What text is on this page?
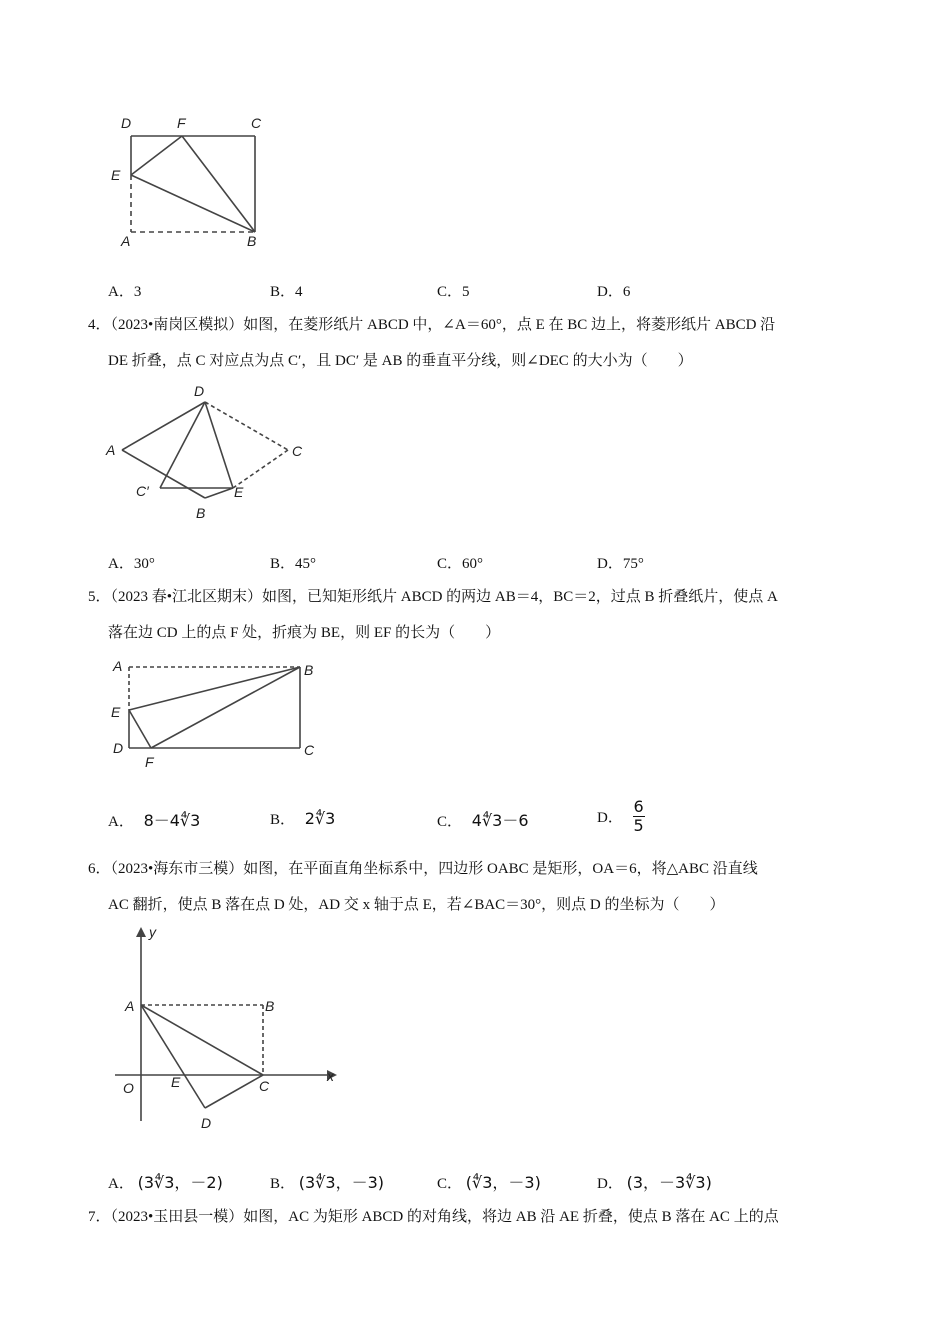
D	F	C
E
A	B
A．3	B．4	C．5	D．6
4．（2023•南岗区模拟）如图，在菱形纸片 ABCD 中，∠A＝60°，点 E 在 BC 边上，将菱形纸片 ABCD 沿
DE 折叠，点 C 对应点为点 C′，且 DC′ 是 AB 的垂直平分线，则∠DEC 的大小为（　　）
D
A	C
C′	E
B
A．30°	B．45°	C．60°	D．75°
5．（2023 春•江北区期末）如图，已知矩形纸片 ABCD 的两边 AB＝4，BC＝2，过点 B 折叠纸片，使点 A
落在边 CD 上的点 F 处，折痕为 BE，则 EF 的长为（　　）
A	B
E
D	C
F
A． 8－4∜3	B． 2∜3	C． 4∜3－6	D． $\frac{6}{5}$
6．（2023•海东市三模）如图，在平面直角坐标系中，四边形 OABC 是矩形，OA＝6，将△ABC 沿直线
AC 翻折，使点 B 落在点 D 处，AD 交 x 轴于点 E，若∠BAC＝30°，则点 D 的坐标为（　　）
y
x
A	B
O	E	C
D
A． (3∜3，－2)	B． (3∜3，－3)	C． (∜3，－3)	D． (3，－3∜3)
7．（2023•玉田县一模）如图，AC 为矩形 ABCD 的对角线，将边 AB 沿 AE 折叠，使点 B 落在 AC 上的点
